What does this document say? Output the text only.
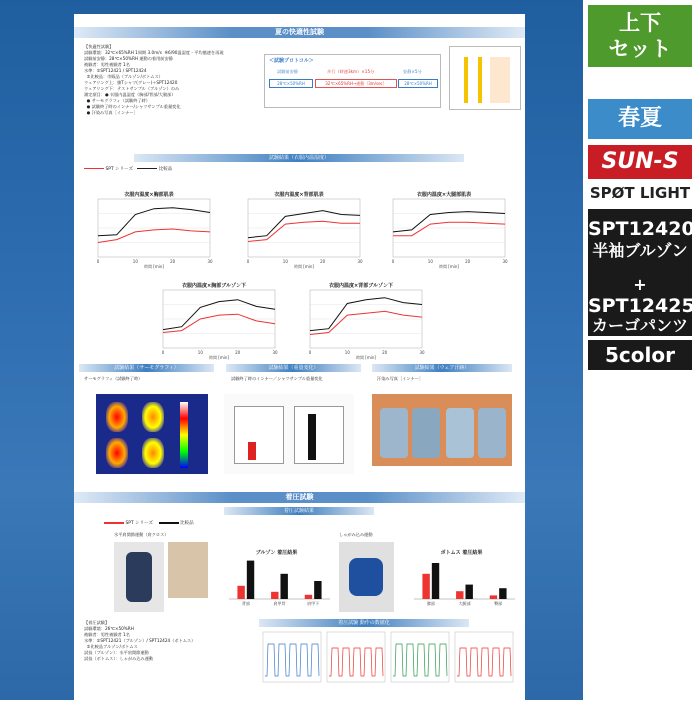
夏の快適性試験
【快適性試験】
試験環境：32℃×65%RH 1周期 3.0m/s  ※6/90温湿度・平均風速を再現
試験前安静：28℃×50%RH 運動の着用前安静
被験者：男性被験者 1名
水準：①SPT12421 / SPT12424
②比較品：市販品（ブルゾン/ボトムス）
ウェアリング上：綿Tシャツ(グレー)＋SPT12420
ウェアリング下：テストサンプル（ブルゾン）のみ
測定項目：● 衣服内温湿度（胸部/背部/大腿部）
● サーモグラフィ（試験終了時）
● 試験終了時のインナー/シャツサンプル重量変化
● 汗染み写真［インナー］
＜試験プロトコル＞
試験前安静	歩行（時速3km）×15分	安静×5分
28℃×50%RH	32℃×65%RH→運動（3m/sec）	28℃×50%RH
試験結果（衣服内温湿度）
SPT シリーズ	比較品
衣服内温度×胸部肌表
0	10	20	30
時間 [min]
衣服内温度×背部肌表
0	10	20	30
時間 [min]
衣服内温度×大腿部肌表
0	10	20	30
時間 [min]
衣服内温度×胸部ブルゾン下
0	10	20	30
時間 [min]
衣服内温度×背部ブルゾン下
0	10	20	30
時間 [min]
試験結果（サーモグラフィ）	試験結果（重量変化）	試験結果（ウェア汗跡）
サーモグラフィ（試験終了時）	試験終了時のインナー／シャツサンプル重量変化	汗染み写真［インナー］
着圧試験
着圧試験結果
SPT シリーズ	比較品
水平肩関節運動（肩クロス）
ブルゾン 着圧結果
背部	肩甲骨	肩甲下
しゃがみ込み運動
ボトムス 着圧結果
膝部	大腿部	臀部
【着圧試験】
試験環境：26℃×50%RH
被験者：男性被験者 1名
水準：①SPT12421（ブルゾン）/ SPT12424（ボトムス）
②比較品ブルゾン/ボトムス
試技（ブルゾン）：水平肩関節運動
試技（ボトムス）：しゃがみ込み運動
着圧試験 動作の数値化
上下
セット
春夏
SUN-S
SPØT LIGHT
SPT12420
半袖ブルゾン
+
SPT12425
カーゴパンツ
5color
